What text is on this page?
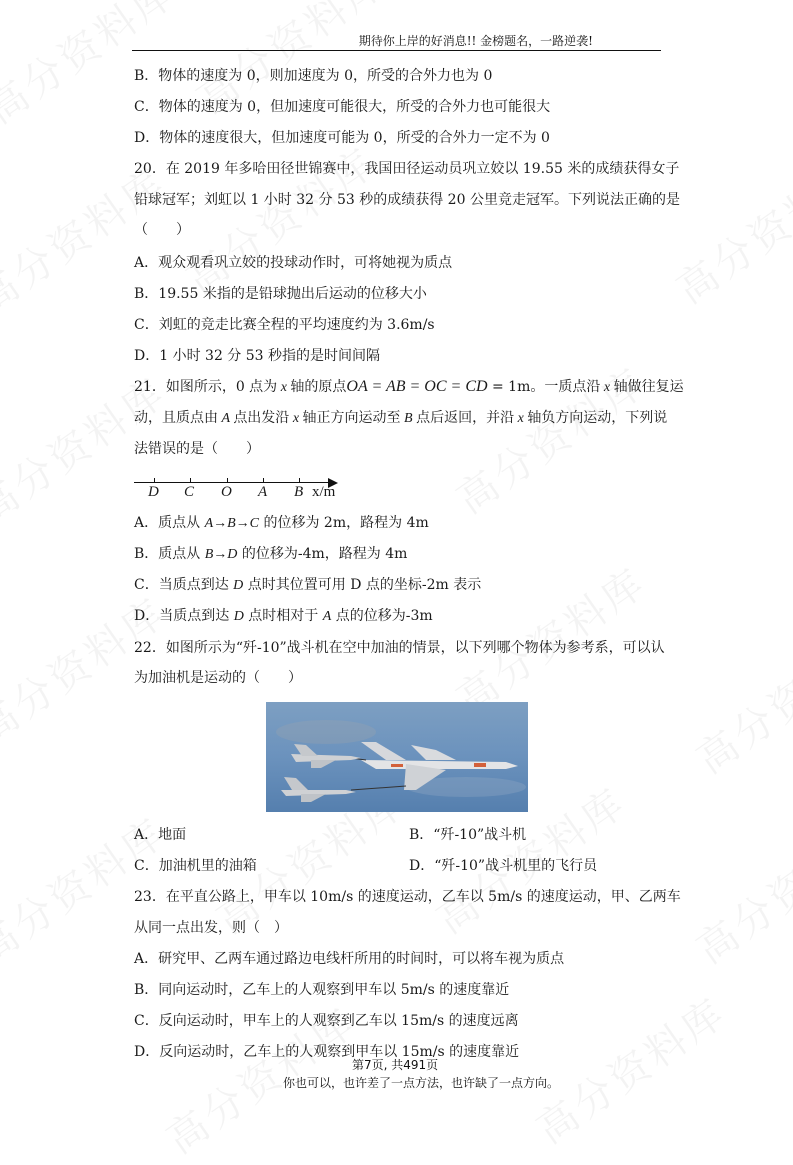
期待你上岸的好消息!! 金榜题名，一路逆袭!
B．物体的速度为 0，则加速度为 0，所受的合外力也为 0
C．物体的速度为 0，但加速度可能很大，所受的合外力也可能很大
D．物体的速度很大，但加速度可能为 0，所受的合外力一定不为 0
20．在 2019 年多哈田径世锦赛中，我国田径运动员巩立姣以 19.55 米的成绩获得女子
铅球冠军；刘虹以 1 小时 32 分 53 秒的成绩获得 20 公里竞走冠军。下列说法正确的是
（　　）
A．观众观看巩立姣的投球动作时，可将她视为质点
B．19.55 米指的是铅球抛出后运动的位移大小
C．刘虹的竞走比赛全程的平均速度约为 3.6m/s
D．1 小时 32 分 53 秒指的是时间间隔
21．如图所示，0 点为 x 轴的原点OA = AB = OC = CD = 1m。一质点沿 x 轴做往复运
动，且质点由 A 点出发沿 x 轴正方向运动至 B 点后返回，并沿 x 轴负方向运动，下列说
法错误的是（　　）
D C O A B x/m
A．质点从 A→B→C 的位移为 2m，路程为 4m
B．质点从 B→D 的位移为-4m，路程为 4m
C．当质点到达 D 点时其位置可用 D 点的坐标-2m 表示
D．当质点到达 D 点时相对于 A 点的位移为-3m
22．如图所示为“歼-10”战斗机在空中加油的情景，以下列哪个物体为参考系，可以认
为加油机是运动的（　　）
A．地面	B．“歼-10”战斗机
C．加油机里的油箱	D．“歼-10”战斗机里的飞行员
23．在平直公路上，甲车以 10m/s 的速度运动，乙车以 5m/s 的速度运动，甲、乙两车
从同一点出发，则（　）
A．研究甲、乙两车通过路边电线杆所用的时间时，可以将车视为质点
B．同向运动时，乙车上的人观察到甲车以 5m/s 的速度靠近
C．反向运动时，甲车上的人观察到乙车以 15m/s 的速度远离
D．反向运动时，乙车上的人观察到甲车以 15m/s 的速度靠近
第7页, 共491页
你也可以，也许差了一点方法，也许缺了一点方向。
